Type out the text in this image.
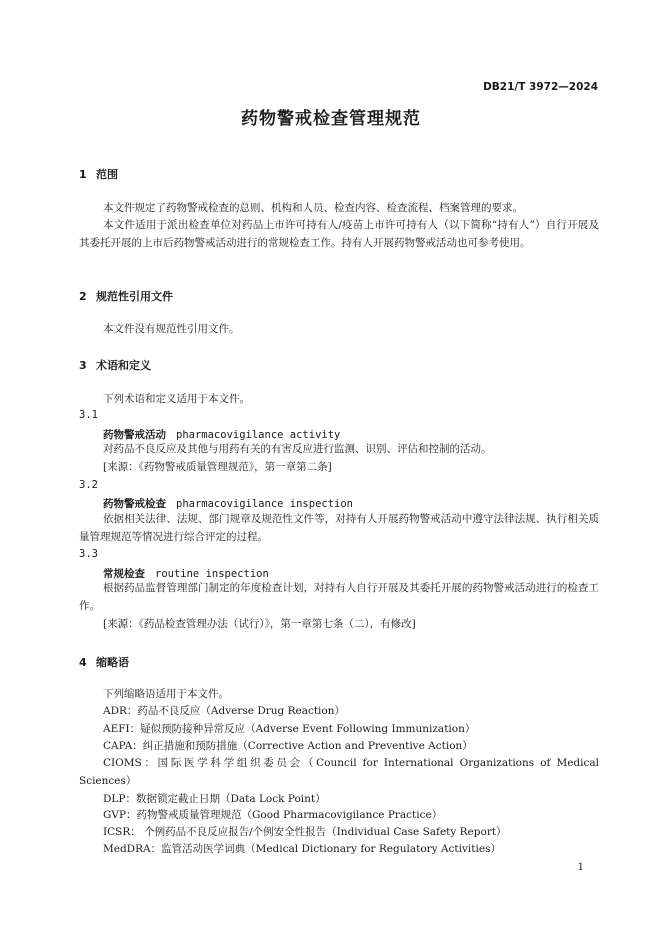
DB21/T 3972—2024
药物警戒检查管理规范
1 范围
本文件规定了药物警戒检查的总则、机构和人员、检查内容、检查流程、档案管理的要求。
本文件适用于派出检查单位对药品上市许可持有人/疫苗上市许可持有人（以下简称“持有人”）自行开展及其委托开展的上市后药物警戒活动进行的常规检查工作。持有人开展药物警戒活动也可参考使用。
2 规范性引用文件
本文件没有规范性引用文件。
3 术语和定义
下列术语和定义适用于本文件。
3.1
药物警戒活动 pharmacovigilance activity
对药品不良反应及其他与用药有关的有害反应进行监测、识别、评估和控制的活动。
[来源：《药物警戒质量管理规范》，第一章第二条]
3.2
药物警戒检查 pharmacovigilance inspection
依据相关法律、法规、部门规章及规范性文件等，对持有人开展药物警戒活动中遵守法律法规、执行相关质量管理规范等情况进行综合评定的过程。
3.3
常规检查 routine inspection
根据药品监督管理部门制定的年度检查计划，对持有人自行开展及其委托开展的药物警戒活动进行的检查工作。
[来源：《药品检查管理办法（试行）》，第一章第七条（二），有修改]
4 缩略语
下列缩略语适用于本文件。
ADR：药品不良反应（Adverse Drug Reaction）
AEFI：疑似预防接种异常反应（Adverse Event Following Immunization）
CAPA：纠正措施和预防措施（Corrective Action and Preventive Action）
CIOMS：国际医学科学组织委员会（Council for International Organizations of Medical Sciences）
DLP：数据锁定截止日期（Data Lock Point）
GVP：药物警戒质量管理规范（Good Pharmacovigilance Practice）
ICSR： 个例药品不良反应报告/个例安全性报告（Individual Case Safety Report）
MedDRA：监管活动医学词典（Medical Dictionary for Regulatory Activities）
1
